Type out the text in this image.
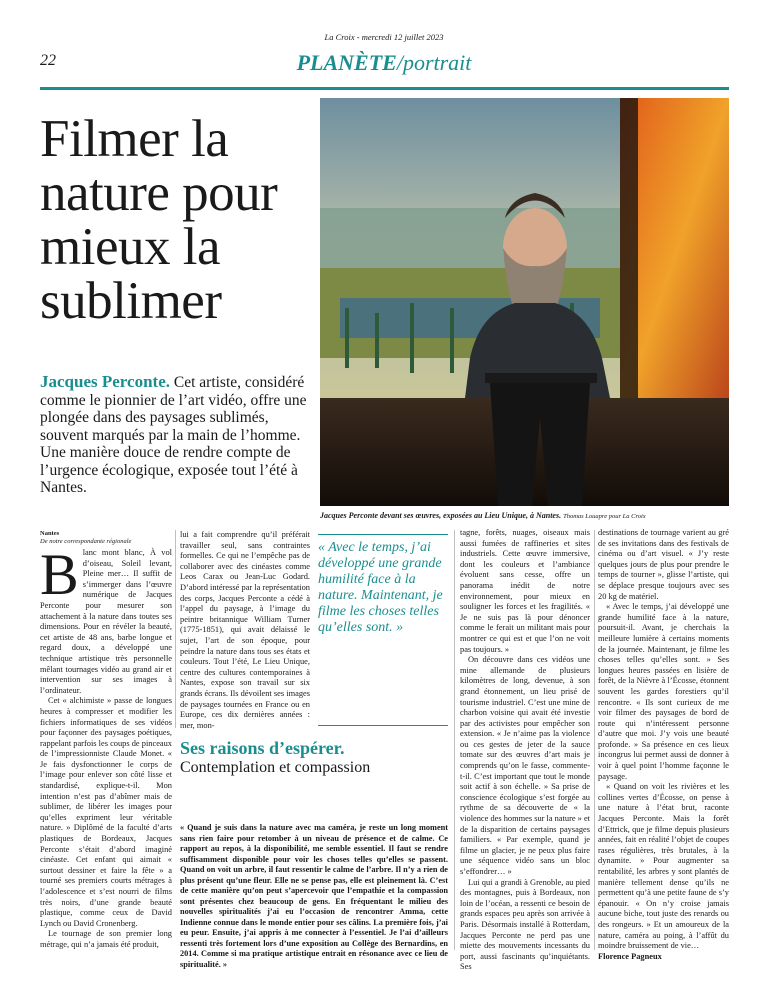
La Croix - mercredi 12 juillet 2023
22	PLANÈTE/portrait
Filmer la nature pour mieux la sublimer
Jacques Perconte. Cet artiste, considéré comme le pionnier de l’art vidéo, offre une plongée dans des paysages sublimés, souvent marqués par la main de l’homme. Une manière douce de rendre compte de l’urgence écologique, exposée tout l’été à Nantes.
Jacques Perconte devant ses œuvres, exposées au Lieu Unique, à Nantes. Thomas Louapre pour La Croix
Nantes
De notre correspondante régionale
B lanc mont blanc, À vol d’oiseau, Soleil levant, Pleine mer… Il suffit de s’immerger dans l’œuvre numérique de Jacques Perconte pour mesurer son attachement à la nature dans toutes ses dimensions. Pour en révéler la beauté, cet artiste de 48 ans, barbe longue et regard doux, a développé une technique artistique très personnelle mêlant tournages vidéo au grand air et intervention sur ses images à l’ordinateur.

Cet « alchimiste » passe de longues heures à compresser et modifier les fichiers informatiques de ses vidéos pour façonner des paysages poétiques, rappelant parfois les coups de pinceaux de l’impressionniste Claude Monet. « Je fais dysfonctionner le corps de l’image pour enlever son côté lisse et standardisé, explique-t-il. Mon intention n’est pas d’abîmer mais de sublimer, de libérer les images pour qu’elles expriment leur véritable nature. » Diplômé de la faculté d’arts plastiques de Bordeaux, Jacques Perconte s’était d’abord imaginé cinéaste. Cet enfant qui aimait « surtout dessiner et faire la fête » a tourné ses premiers courts métrages à l’adolescence et s’est nourri de films très noirs, d’une grande beauté plastique, comme ceux de David Lynch ou David Cronenberg.

Le tournage de son premier long métrage, qui n’a jamais été produit,

lui a fait comprendre qu’il préférait travailler seul, sans contraintes formelles. Ce qui ne l’empêche pas de collaborer avec des cinéastes comme Leos Carax ou Jean-Luc Godard. D’abord intéressé par la représentation des corps, Jacques Perconte a cédé à l’appel du paysage, à l’image du peintre britannique William Turner (1775-1851), qui avait délaissé le sujet, l’art de son époque, pour peindre la nature dans tous ses états et couleurs. Tout l’été, Le Lieu Unique, centre des cultures contemporaines à Nantes, expose son travail sur six grands écrans. Ils dévoilent ses images de paysages tournées en France ou en Europe, ces dix dernières années : mer, mon-

« Avec le temps, j’ai développé une grande humilité face à la nature. Maintenant, je filme les choses telles qu’elles sont. »
Ses raisons d’espérer.
Contemplation et compassion
« Quand je suis dans la nature avec ma caméra, je reste un long moment sans rien faire pour retomber à un niveau de présence et de calme. Ce rapport au repos, à la disponibilité, me semble essentiel. Il faut se rendre suffisamment disponible pour voir les choses telles qu’elles se passent. Quand on voit un arbre, il faut ressentir le calme de l’arbre. Il n’y a rien de plus présent qu’une fleur. Elle ne se pense pas, elle est pleinement là. C’est de cette manière qu’on peut s’apercevoir que l’empathie et la compassion sont présentes chez beaucoup de gens. En fréquentant le milieu des nouvelles spiritualités j’ai eu l’occasion de rencontrer Amma, cette Indienne connue dans le monde entier pour ses câlins. La première fois, j’ai eu peur. Ensuite, j’ai appris à me connecter à l’essentiel. Je l’ai d’ailleurs ressenti très fortement lors d’une exposition au Collège des Bernardins, en 2014. Comme si ma pratique artistique entrait en résonance avec ce lieu de spiritualité. »

tagne, forêts, nuages, oiseaux mais aussi fumées de raffineries et sites industriels. Cette œuvre immersive, dont les couleurs et l’ambiance évoluent sans cesse, offre un panorama inédit de notre environnement, pour mieux en souligner les forces et les fragilités. « Je ne suis pas là pour dénoncer comme le ferait un militant mais pour montrer ce qui est et que l’on ne voit pas toujours. »

On découvre dans ces vidéos une mine allemande de plusieurs kilomètres de long, devenue, à son grand étonnement, un lieu prisé de tourisme industriel. C’est une mine de charbon voisine qui avait été investie par des activistes pour empêcher son extension. « Je n’aime pas la violence ou ces gestes de jeter de la sauce tomate sur des œuvres d’art mais je comprends qu’on le fasse, commente-t-il. C’est important que tout le monde soit actif à son échelle. » Sa prise de conscience écologique s’est forgée au rythme de sa découverte de « la violence des hommes sur la nature » et de la disparition de certains paysages familiers. « Par exemple, quand je filme un glacier, je ne peux plus faire une séquence vidéo sans un bloc s’effondrer… »

Lui qui a grandi à Grenoble, au pied des montagnes, puis à Bordeaux, non loin de l’océan, a ressenti ce besoin de grands espaces peu après son arrivée à Paris. Désormais installé à Rotterdam, Jacques Perconte ne perd pas une miette des mouvements incessants du port, aussi fascinants qu’inquiétants. Ses

destinations de tournage varient au gré de ses invitations dans des festivals de cinéma ou d’art visuel. « J’y reste quelques jours de plus pour prendre le temps de tourner », glisse l’artiste, qui se déplace presque toujours avec ses 20 kg de matériel.

« Avec le temps, j’ai développé une grande humilité face à la nature, poursuit-il. Avant, je cherchais la meilleure lumière à certains moments de la journée. Maintenant, je filme les choses telles qu’elles sont. » Ses longues heures passées en lisière de forêt, de la Nièvre à l’Écosse, étonnent souvent les gardes forestiers qu’il rencontre. « Ils sont curieux de me voir filmer des paysages de bord de route qui n’intéressent personne d’autre que moi. J’y vois une beauté profonde. » Sa présence en ces lieux incongrus lui permet aussi de donner à voir à quel point l’homme façonne le paysage.

« Quand on voit les rivières et les collines vertes d’Écosse, on pense à une nature à l’état brut, raconte Jacques Perconte. Mais la forêt d’Ettrick, que je filme depuis plusieurs années, fait en réalité l’objet de coupes rases régulières, très brutales, à la dynamite. » Pour augmenter sa rentabilité, les arbres y sont plantés de manière tellement dense qu’ils ne permettent qu’à une petite faune de s’y épanouir. « On n’y croise jamais aucune biche, tout juste des renards ou des rongeurs. » Et un amoureux de la nature, caméra au poing, à l’affût du moindre bruissement de vie…

Florence Pagneux
